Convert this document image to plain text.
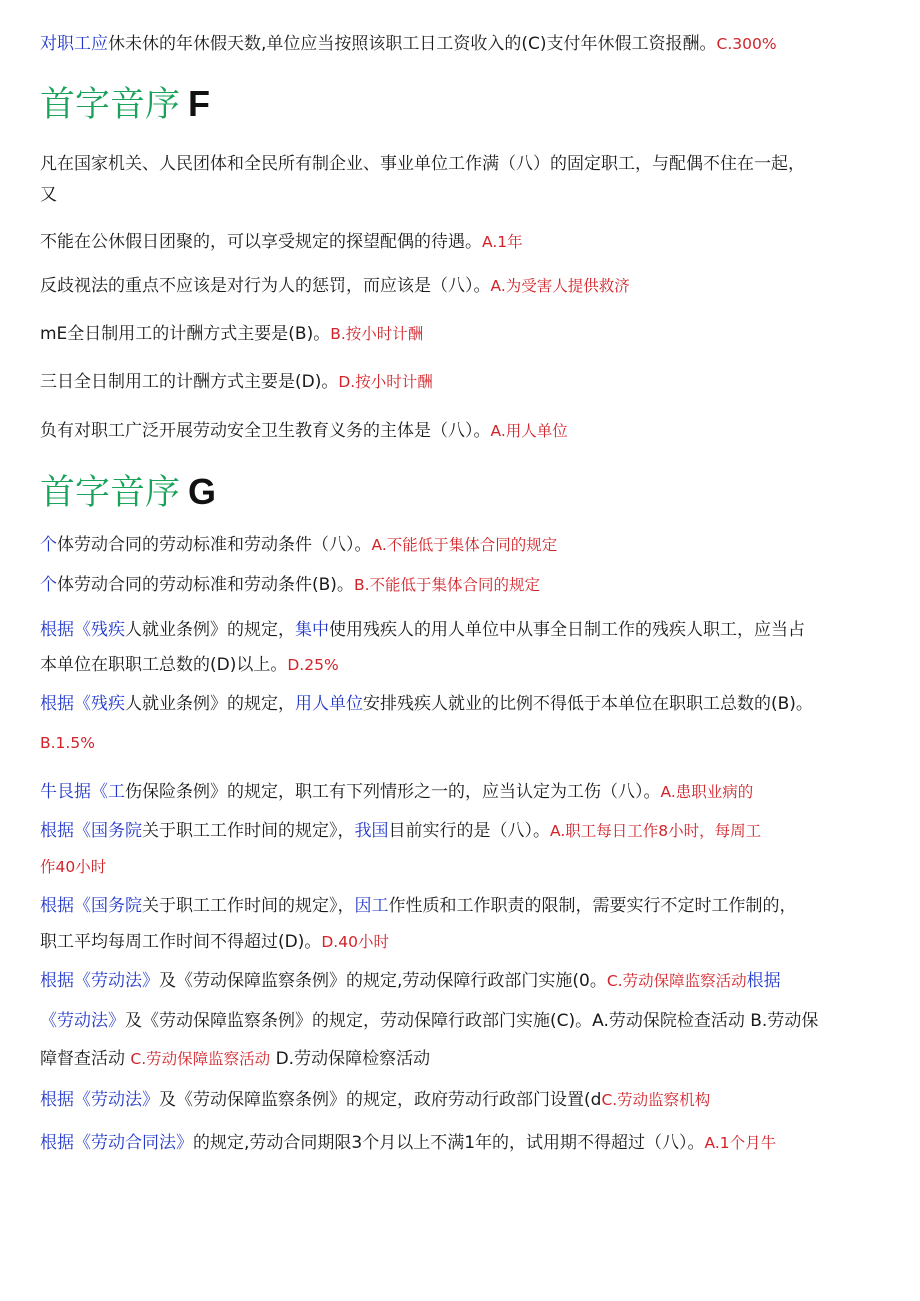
对职工应休未休的年休假天数,单位应当按照该职工日工资收入的(C)支付年休假工资报酬。C.300%
首字音序 F
凡在国家机关、人民团体和全民所有制企业、事业单位工作满（八）的固定职工，与配偶不住在一起，
又
不能在公休假日团聚的，可以享受规定的探望配偶的待遇。A.1年
反歧视法的重点不应该是对行为人的惩罚，而应该是（八）。A.为受害人提供救济
mE全日制用工的计酬方式主要是(B)。B.按小时计酬
三日全日制用工的计酬方式主要是(D)。D.按小时计酬
负有对职工广泛开展劳动安全卫生教育义务的主体是（八）。A.用人单位
首字音序 G
个体劳动合同的劳动标准和劳动条件（八）。A.不能低于集体合同的规定
个体劳动合同的劳动标准和劳动条件(B)。B.不能低于集体合同的规定
根据《残疾人就业条例》的规定，集中使用残疾人的用人单位中从事全日制工作的残疾人职工，应当占
本单位在职职工总数的(D)以上。D.25%
根据《残疾人就业条例》的规定，用人单位安排残疾人就业的比例不得低于本单位在职职工总数的(B)。
B.1.5%
牛艮据《工伤保险条例》的规定，职工有下列情形之一的，应当认定为工伤（八）。A.患职业病的
根据《国务院关于职工工作时间的规定》，我国目前实行的是（八）。A.职工每日工作8小时，每周工
作40小时
根据《国务院关于职工工作时间的规定》，因工作性质和工作职责的限制，需要实行不定时工作制的，
职工平均每周工作时间不得超过(D)。D.40小时
根据《劳动法》及《劳动保障监察条例》的规定,劳动保障行政部门实施(0。C.劳动保障监察活动根据
《劳动法》及《劳动保障监察条例》的规定，劳动保障行政部门实施(C)。A.劳动保院检查活动 B.劳动保
障督查活动 C.劳动保障监察活动 D.劳动保障检察活动
根据《劳动法》及《劳动保障监察条例》的规定，政府劳动行政部门设置(dC.劳动监察机构
根据《劳动合同法》的规定,劳动合同期限3个月以上不满1年的，试用期不得超过（八）。A.1个月牛
